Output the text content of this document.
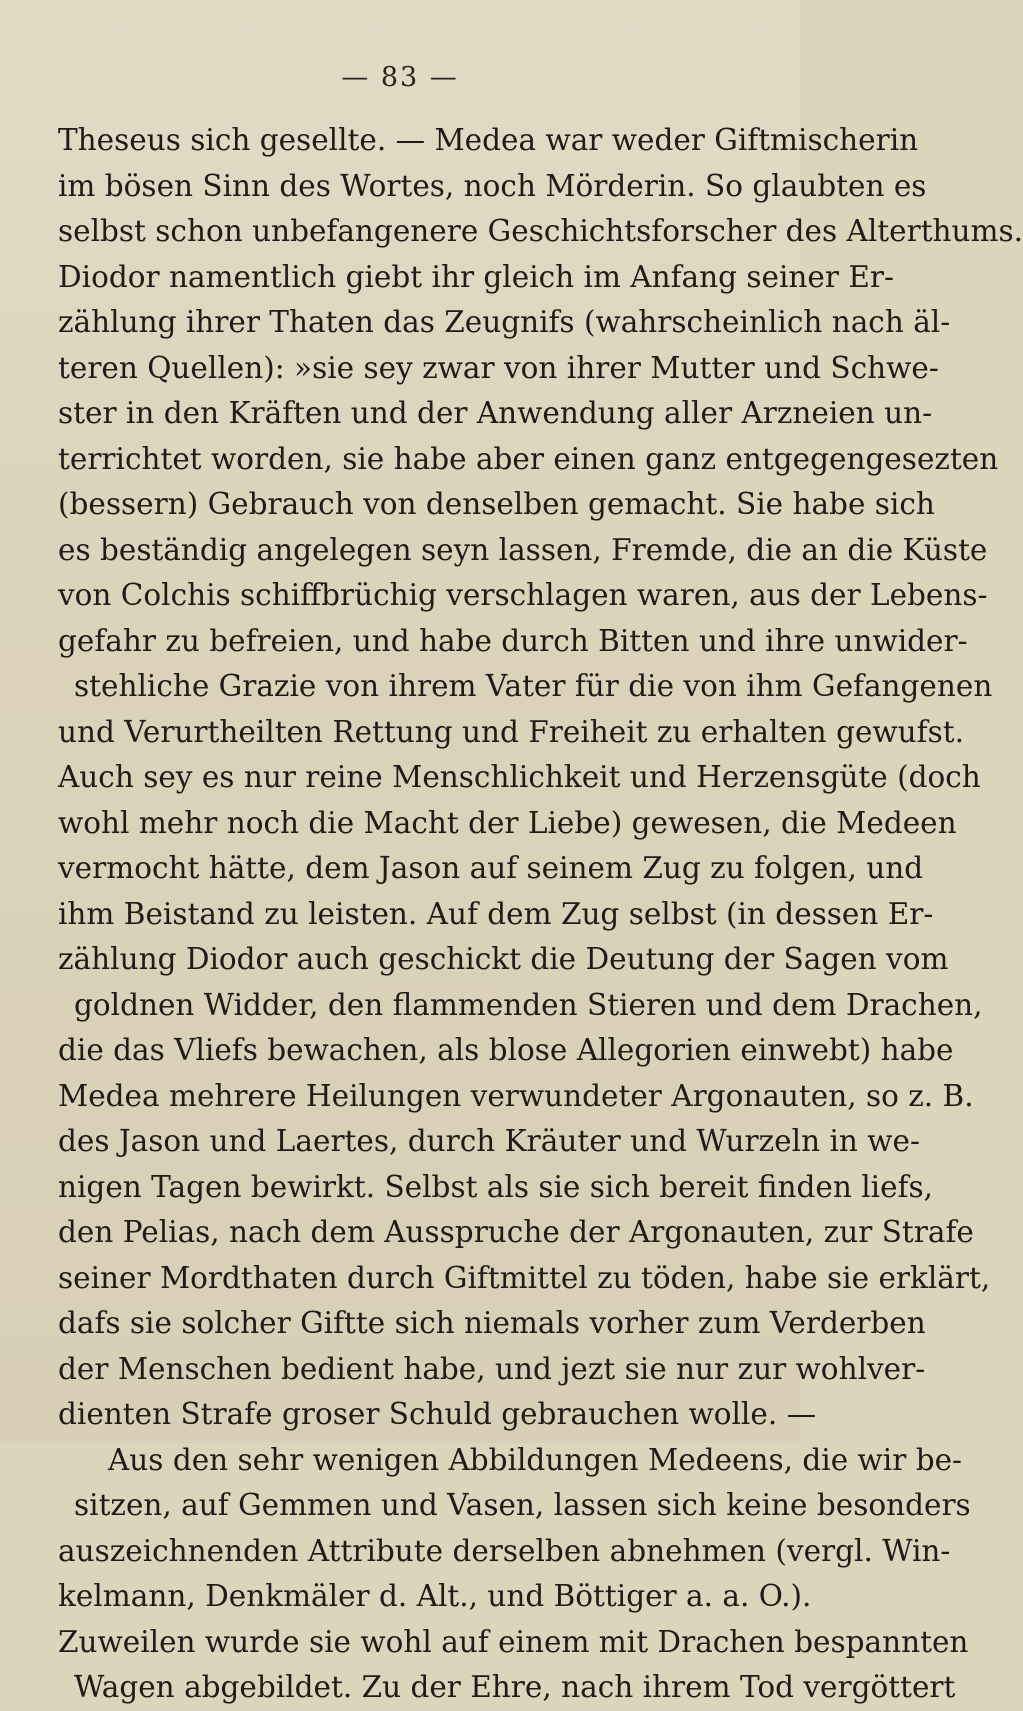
— 83 —
Theseus sich gesellte. — Medea war weder Giftmischerin
im bösen Sinn des Wortes, noch Mörderin. So glaubten es
selbst schon unbefangenere Geschichtsforscher des Alterthums.
Diodor namentlich giebt ihr gleich im Anfang seiner Er-
zählung ihrer Thaten das Zeugnifs (wahrscheinlich nach äl-
teren Quellen): »sie sey zwar von ihrer Mutter und Schwe-
ster in den Kräften und der Anwendung aller Arzneien un-
terrichtet worden, sie habe aber einen ganz entgegengesezten
(bessern) Gebrauch von denselben gemacht. Sie habe sich
es beständig angelegen seyn lassen, Fremde, die an die Küste
von Colchis schiffbrüchig verschlagen waren, aus der Lebens-
gefahr zu befreien, und habe durch Bitten und ihre unwider-
stehliche Grazie von ihrem Vater für die von ihm Gefangenen
und Verurtheilten Rettung und Freiheit zu erhalten gewufst.
Auch sey es nur reine Menschlichkeit und Herzensgüte (doch
wohl mehr noch die Macht der Liebe) gewesen, die Medeen
vermocht hätte, dem Jason auf seinem Zug zu folgen, und
ihm Beistand zu leisten. Auf dem Zug selbst (in dessen Er-
zählung Diodor auch geschickt die Deutung der Sagen vom
goldnen Widder, den flammenden Stieren und dem Drachen,
die das Vliefs bewachen, als blose Allegorien einwebt) habe
Medea mehrere Heilungen verwundeter Argonauten, so z. B.
des Jason und Laertes, durch Kräuter und Wurzeln in we-
nigen Tagen bewirkt. Selbst als sie sich bereit finden liefs,
den Pelias, nach dem Ausspruche der Argonauten, zur Strafe
seiner Mordthaten durch Giftmittel zu töden, habe sie erklärt,
dafs sie solcher Giftte sich niemals vorher zum Verderben
der Menschen bedient habe, und jezt sie nur zur wohlver-
dienten Strafe groser Schuld gebrauchen wolle. —
Aus den sehr wenigen Abbildungen Medeens, die wir be-
sitzen, auf Gemmen und Vasen, lassen sich keine besonders
auszeichnenden Attribute derselben abnehmen (vergl. Win-
kelmann, Denkmäler d. Alt., und Böttiger a. a. O.).
Zuweilen wurde sie wohl auf einem mit Drachen bespannten
Wagen abgebildet. Zu der Ehre, nach ihrem Tod vergöttert
